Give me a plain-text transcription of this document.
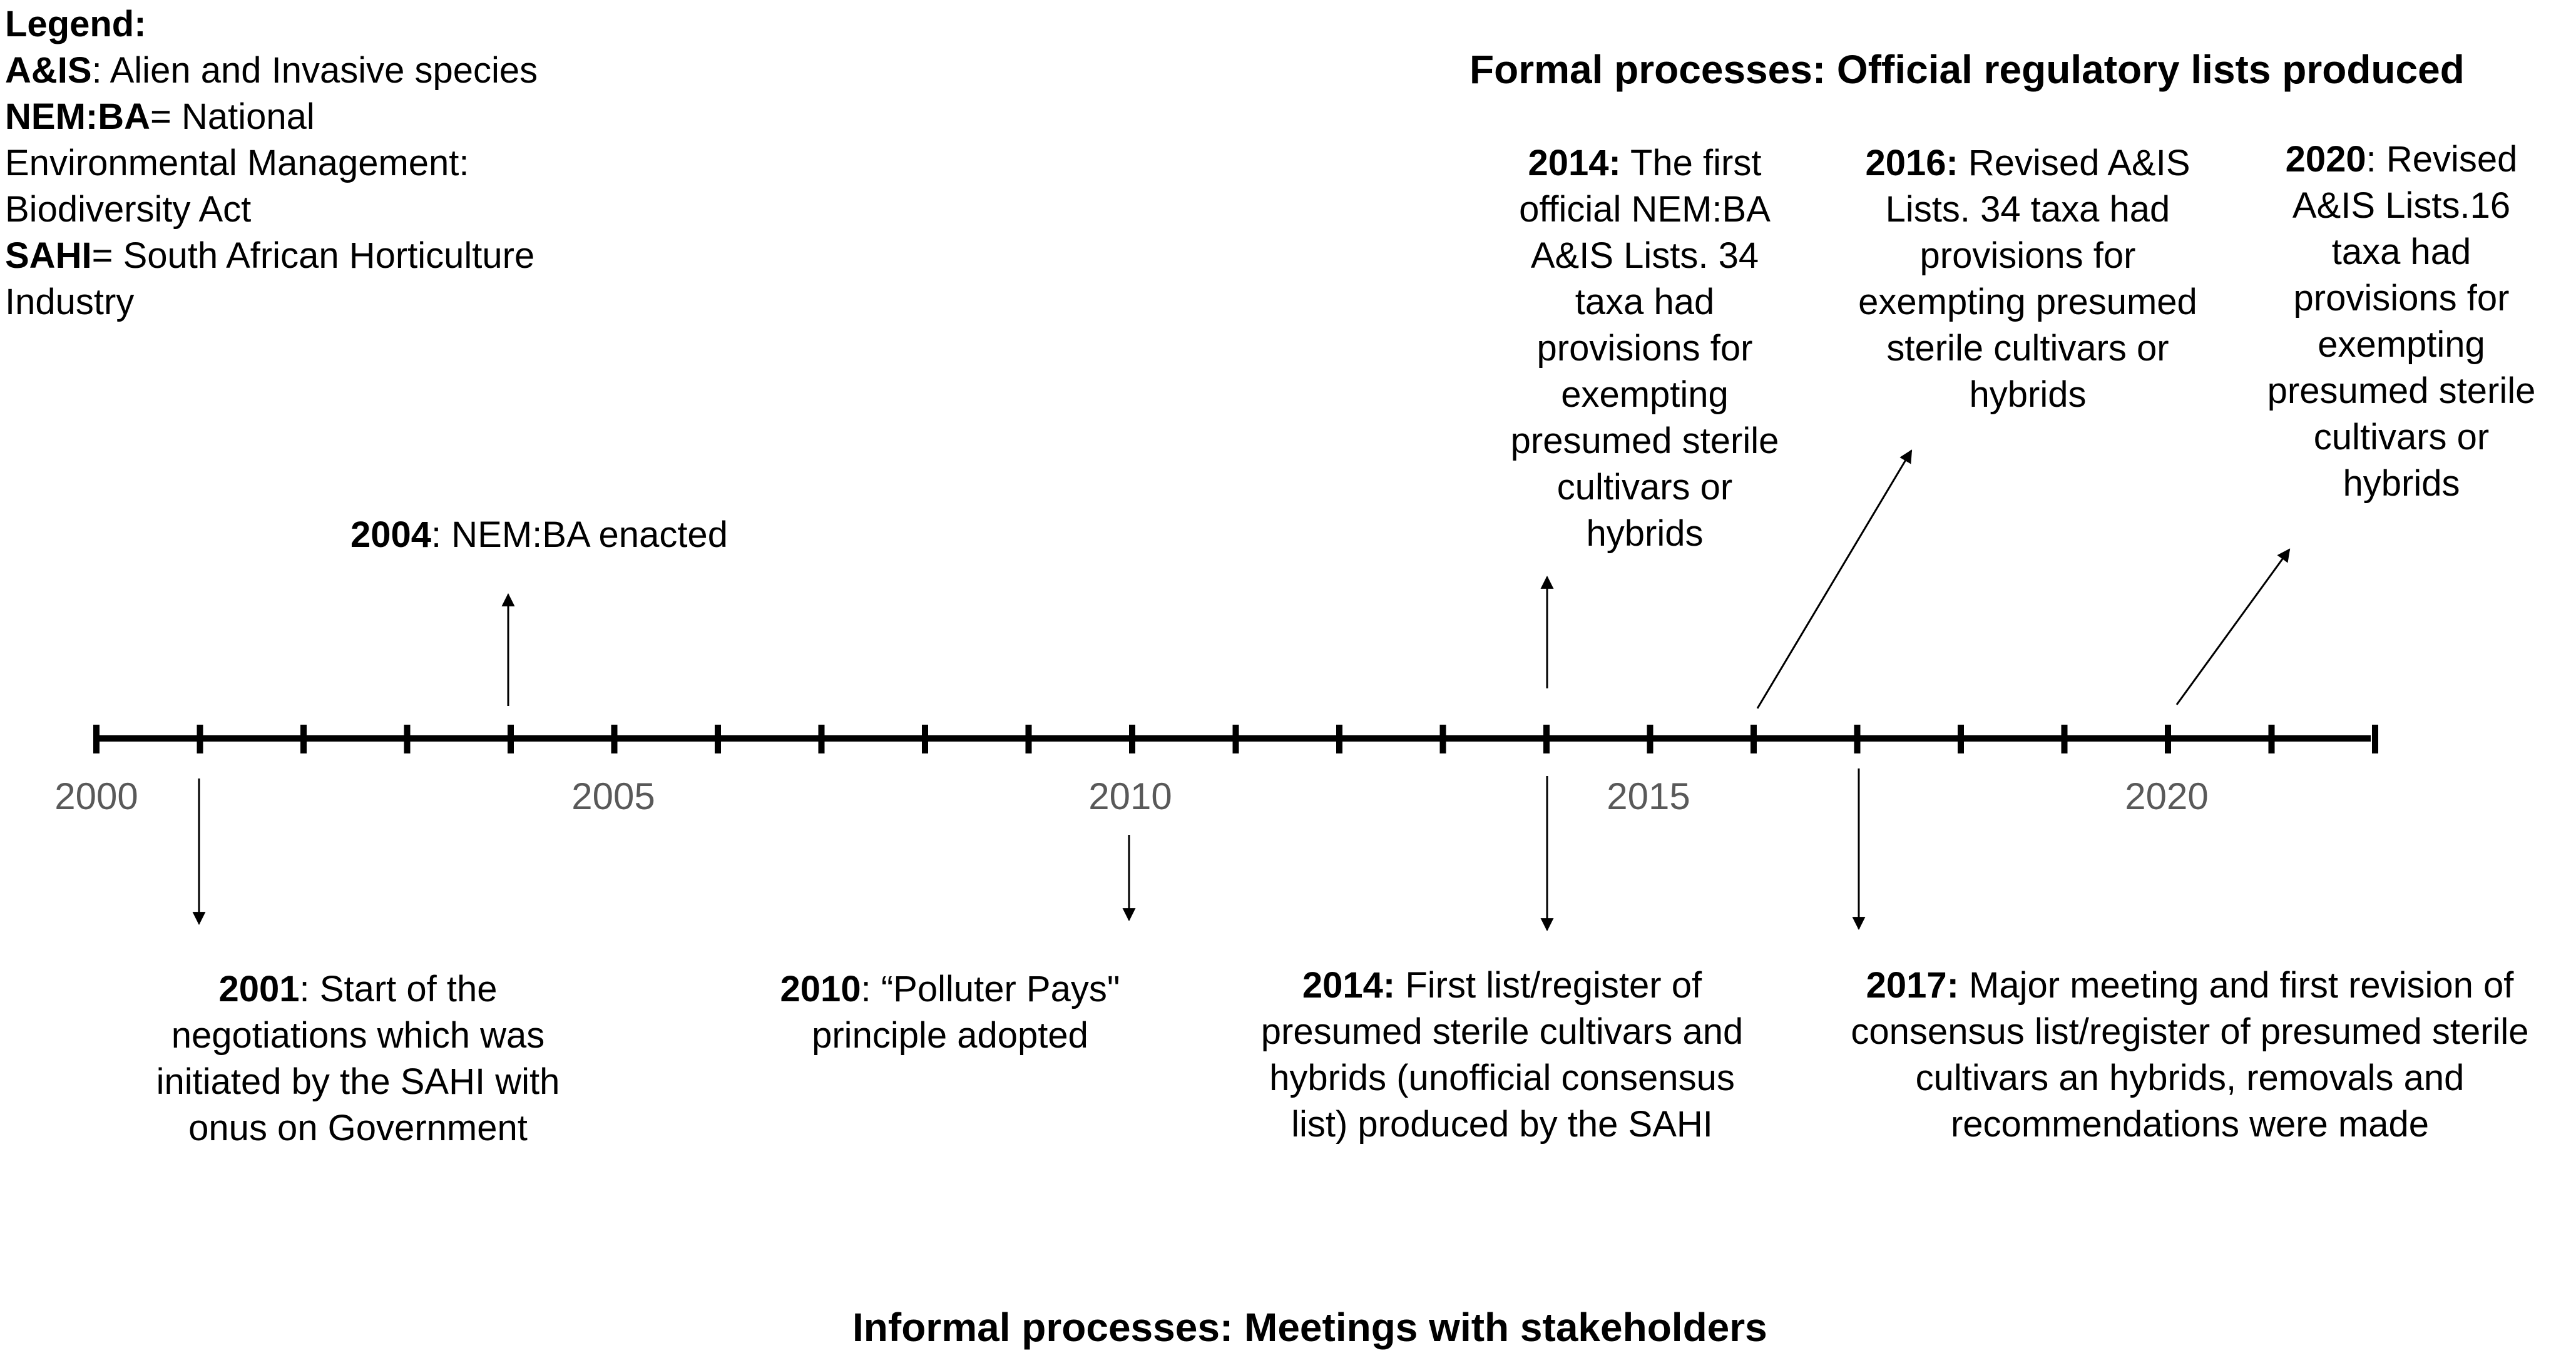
Legend:
A&IS: Alien and Invasive species
NEM:BA= National Environmental Management: Biodiversity Act
SAHI= South African Horticulture Industry
Formal processes: Official regulatory lists produced
Informal processes: Meetings with stakeholders
2000	2005	2010	2015	2020
2004: NEM:BA enacted
2014: The first official NEM:BA A&IS Lists. 34 taxa had provisions for exempting presumed sterile cultivars or hybrids
2016: Revised A&IS Lists. 34 taxa had provisions for exempting presumed sterile cultivars or hybrids
2020: Revised A&IS Lists.16 taxa had provisions for exempting presumed sterile cultivars or hybrids
2001: Start of the negotiations which was initiated by the SAHI with onus on Government
2010: “Polluter Pays" principle adopted
2014: First list/register of presumed sterile cultivars and hybrids (unofficial consensus list) produced by the SAHI
2017: Major meeting and first revision of consensus list/register of presumed sterile cultivars an hybrids, removals and recommendations were made
